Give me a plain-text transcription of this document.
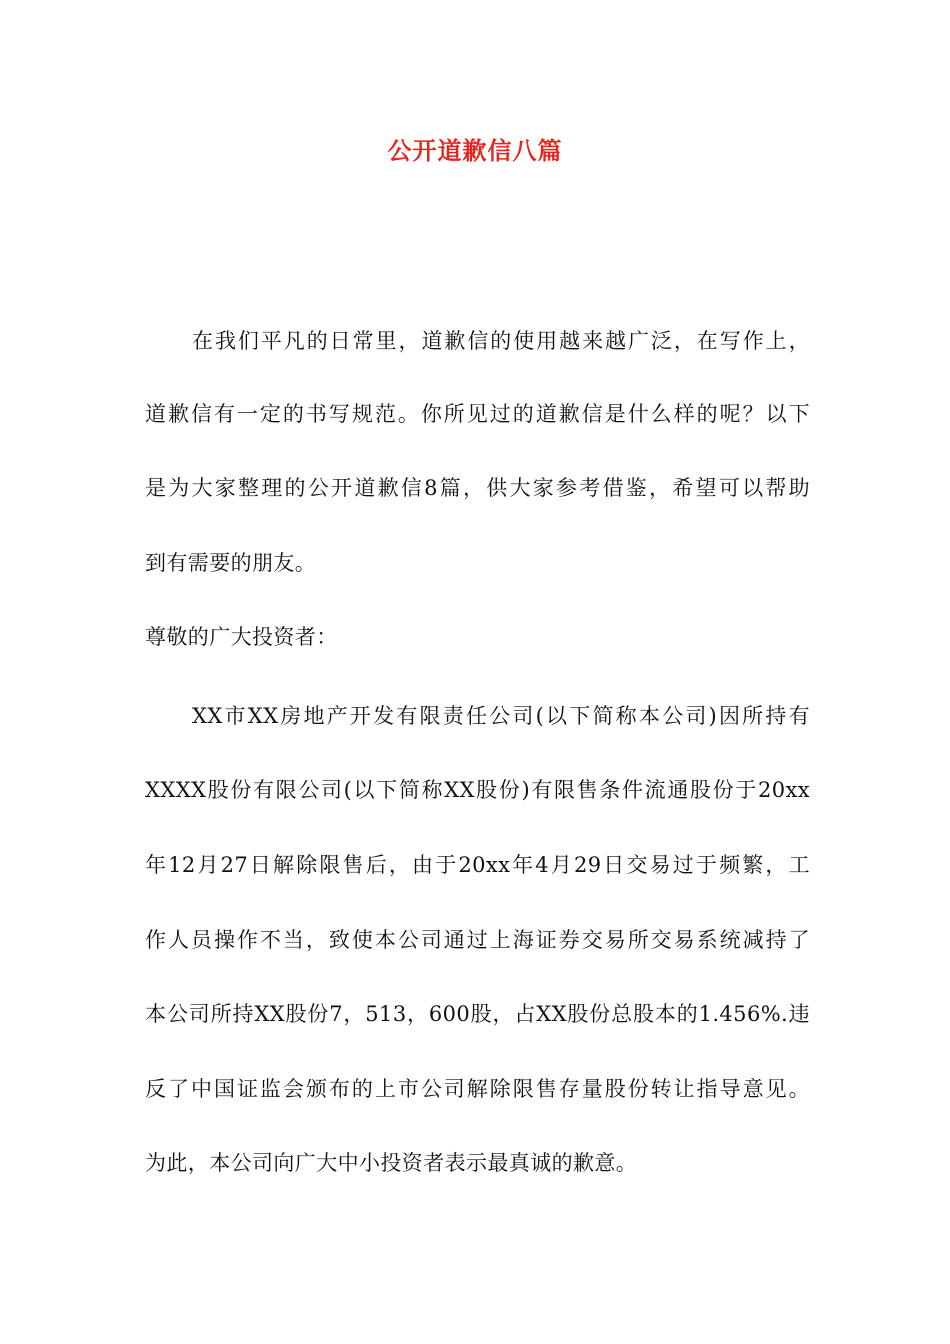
公开道歉信八篇
在我们平凡的日常里，道歉信的使用越来越广泛，在写作上，
道歉信有一定的书写规范。你所见过的道歉信是什么样的呢？以下
是为大家整理的公开道歉信8篇，供大家参考借鉴，希望可以帮助
到有需要的朋友。
尊敬的广大投资者：
XX市XX房地产开发有限责任公司(以下简称本公司)因所持有
XXXX股份有限公司(以下简称XX股份)有限售条件流通股份于20xx
年12月27日解除限售后，由于20xx年4月29日交易过于频繁，工
作人员操作不当，致使本公司通过上海证券交易所交易系统减持了
本公司所持XX股份7，513，600股，占XX股份总股本的1.456%.违
反了中国证监会颁布的上市公司解除限售存量股份转让指导意见。
为此，本公司向广大中小投资者表示最真诚的歉意。
